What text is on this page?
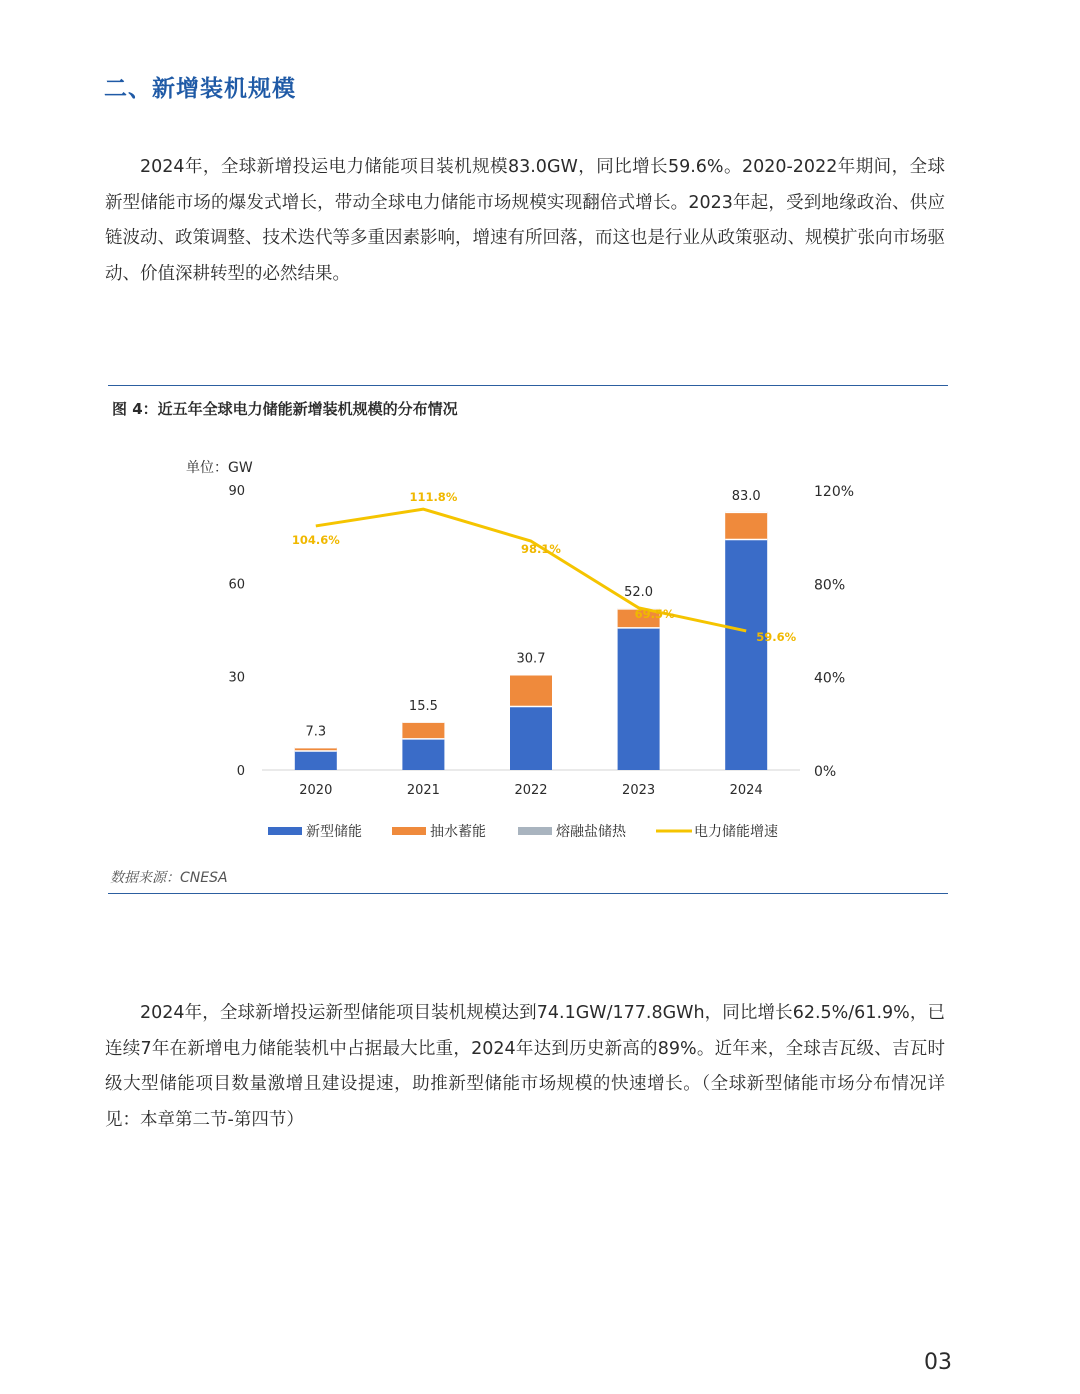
二、新增装机规模

2024年，全球新增投运电力储能项目装机规模83.0GW，同比增长59.6%。2020-2022年期间，全球新型储能市场的爆发式增长，带动全球电力储能市场规模实现翻倍式增长。2023年起，受到地缘政治、供应链波动、政策调整、技术迭代等多重因素影响，增速有所回落，而这也是行业从政策驱动、规模扩张向市场驱动、价值深耕转型的必然结果。

图 4：近五年全球电力储能新增装机规模的分布情况
单位：GW
0
30
60
90
0%
40%
80%
120%
7.3
15.5
30.7
52.0
83.0
104.6%
111.8%
98.1%
69.5%
59.6%
2020	2021	2022	2023	2024
新型储能	抽水蓄能	熔融盐储热	电力储能增速
数据来源：CNESA

2024年，全球新增投运新型储能项目装机规模达到74.1GW/177.8GWh，同比增长62.5%/61.9%，已连续7年在新增电力储能装机中占据最大比重，2024年达到历史新高的89%。近年来，全球吉瓦级、吉瓦时级大型储能项目数量激增且建设提速，助推新型储能市场规模的快速增长。（全球新型储能市场分布情况详见：本章第二节-第四节）

03
